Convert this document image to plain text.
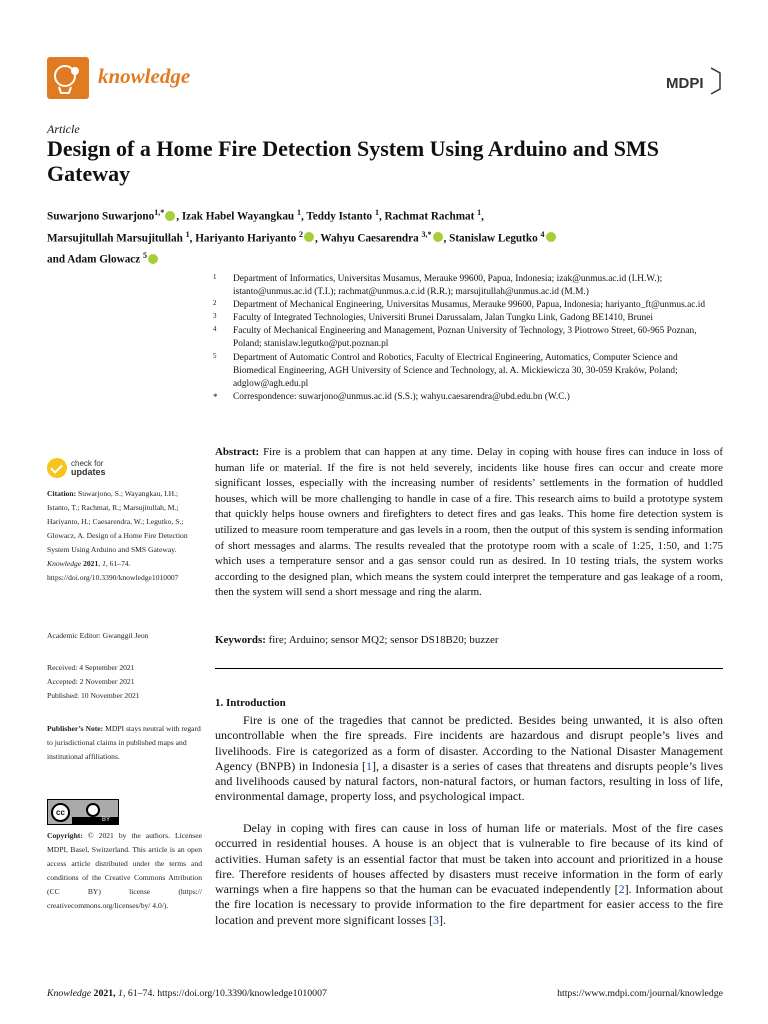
knowledge	MDPI
Article
Design of a Home Fire Detection System Using Arduino and SMS Gateway
Suwarjono Suwarjono$^{1,*}$ , Izak Habel Wayangkau $^1$, Teddy Istanto $^1$, Rachmat Rachmat $^1$,
Marsujitullah Marsujitullah $^1$, Hariyanto Hariyanto $^2$ , Wahyu Caesarendra $^{3,*}$ , Stanislaw Legutko $^4$
and Adam Glowacz $^5$
1 Department of Informatics, Universitas Musamus, Merauke 99600, Papua, Indonesia; izak@unmus.ac.id (I.H.W.); istanto@unmus.ac.id (T.I.); rachmat@unmus.a.c.id (R.R.); marsujitullah@unmus.ac.id (M.M.)
2 Department of Mechanical Engineering, Universitas Musamus, Merauke 99600, Papua, Indonesia; hariyanto_ft@unmus.ac.id
3 Faculty of Integrated Technologies, Universiti Brunei Darussalam, Jalan Tungku Link, Gadong BE1410, Brunei
4 Faculty of Mechanical Engineering and Management, Poznan University of Technology, 3 Piotrowo Street, 60-965 Poznan, Poland; stanislaw.legutko@put.poznan.pl
5 Department of Automatic Control and Robotics, Faculty of Electrical Engineering, Automatics, Computer Science and Biomedical Engineering, AGH University of Science and Technology, al. A. Mickiewicza 30, 30-059 Kraków, Poland; adglow@agh.edu.pl
* Correspondence: suwarjono@unmus.ac.id (S.S.); wahyu.caesarendra@ubd.edu.bn (W.C.)
Abstract: Fire is a problem that can happen at any time. Delay in coping with house fires can induce in loss of human life or material. If the fire is not held severely, incidents like house fires can occur and create more significant losses, especially with the increasing number of residents’ settlements in the formation of huddled houses, which will be more challenging to handle in case of a fire. This research aims to build a prototype system that quickly helps house owners and firefighters to detect fires and gas leaks. This home fire detection system is utilized to measure room temperature and gas levels in a room, then the output of this system is sending information of short messages and alarms. The results revealed that the prototype room with a scale of 1:25, 1:50, and 1:75 which uses a temperature sensor and a gas sensor could run as desired. In 10 testing trials, the system works according to the designed plan, which means the system could interpret the temperature and gas leakage of a room, then the system will send a short message and ring the alarm.
Keywords: fire; Arduino; sensor MQ2; sensor DS18B20; buzzer
check for
updates
Citation: Suwarjono, S.; Wayangkau, I.H.; Istanto, T.; Rachmat, R.; Marsujitullah, M.; Hariyanto, H.; Caesarendra, W.; Legutko, S.; Glowacz, A. Design of a Home Fire Detection System Using Arduino and SMS Gateway. Knowledge 2021, 1, 61–74. https://doi.org/10.3390/knowledge1010007
Academic Editor: Gwanggil Jeon
Received: 4 September 2021
Accepted: 2 November 2021
Published: 10 November 2021
Publisher’s Note: MDPI stays neutral with regard to jurisdictional claims in published maps and institutional affiliations.
cc
BY
Copyright: © 2021 by the authors. Licensee MDPI, Basel, Switzerland. This article is an open access article distributed under the terms and conditions of the Creative Commons Attribution (CC BY) license (https:// creativecommons.org/licenses/by/ 4.0/).
1. Introduction
Fire is one of the tragedies that cannot be predicted. Besides being unwanted, it is also often uncontrollable when the fire spreads. Fire incidents are hazardous and disrupt people’s lives and livelihoods. Fire is categorized as a form of disaster. According to the National Disaster Management Agency (BNPB) in Indonesia [1], a disaster is a series of cases that threatens and disrupts people’s lives and livelihoods caused by natural factors, non-natural factors, or human factors, resulting in loss of life, environmental damage, property loss, and psychological impact.
Delay in coping with fires can cause in loss of human life or materials. Most of the fire cases occurred in residential houses. A house is an object that is vulnerable to fire because of its kind of activities. Human safety is an essential factor that must be taken into account and prioritized in a house fire. Therefore residents of houses affected by disasters must receive information in the form of early warnings when a fire happens so that the human can be evacuated independently [2]. Information about the fire location is necessary to provide information to the fire department for easier access to the fire location and prevent more significant losses [3].
Knowledge 2021, 1, 61–74. https://doi.org/10.3390/knowledge1010007	https://www.mdpi.com/journal/knowledge
